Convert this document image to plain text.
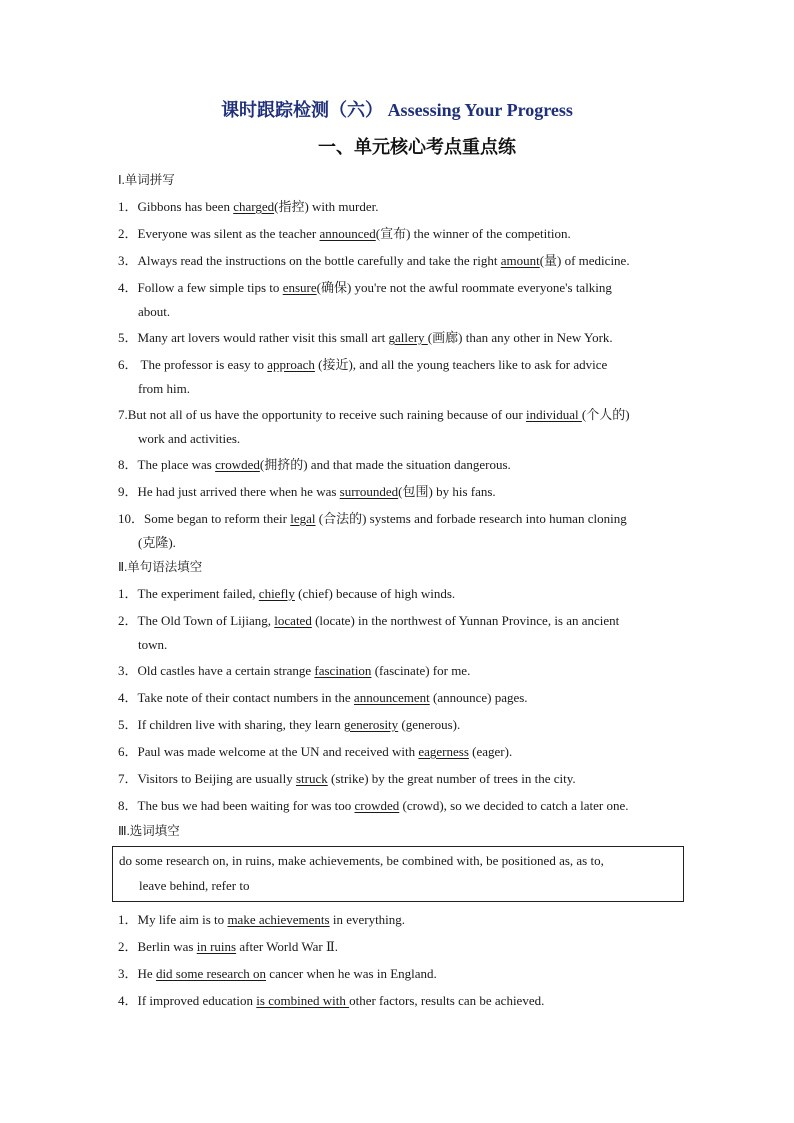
课时跟踪检测（六） Assessing Your Progress
一、单元核心考点重点练
Ⅰ.单词拼写
1．Gibbons has been charged(指控) with murder.
2．Everyone was silent as the teacher announced(宣布) the winner of the competition.
3．Always read the instructions on the bottle carefully and take the right amount(量) of medicine.
4．Follow a few simple tips to ensure(确保) you're not the awful roommate everyone's talking
about.
5．Many art lovers would rather visit this small art gallery (画廊) than any other in New York.
6． The professor is easy to approach (接近), and all the young teachers like to ask for advice
from him.
7.But not all of us have the opportunity to receive such raining because of our individual (个人的)
work and activities.
8．The place was crowded(拥挤的) and that made the situation dangerous.
9．He had just arrived there when he was surrounded(包围) by his fans.
10．Some began to reform their legal (合法的) systems and forbade research into human cloning
(克隆).
Ⅱ.单句语法填空
1．The experiment failed, chiefly (chief) because of high winds.
2．The Old Town of Lijiang, located (locate) in the northwest of Yunnan Province, is an ancient
town.
3．Old castles have a certain strange fascination (fascinate) for me.
4．Take note of their contact numbers in the announcement (announce) pages.
5．If children live with sharing, they learn generosity (generous).
6．Paul was made welcome at the UN and received with eagerness (eager).
7．Visitors to Beijing are usually struck (strike) by the great number of trees in the city.
8．The bus we had been waiting for was too crowded (crowd), so we decided to catch a later one.
Ⅲ.选词填空
do some research on, in ruins, make achievements, be combined with, be positioned as, as to,
leave behind, refer to
1．My life aim is to make achievements in everything.
2．Berlin was in ruins after World War Ⅱ.
3．He did some research on cancer when he was in England.
4．If improved education is combined with other factors, results can be achieved.
